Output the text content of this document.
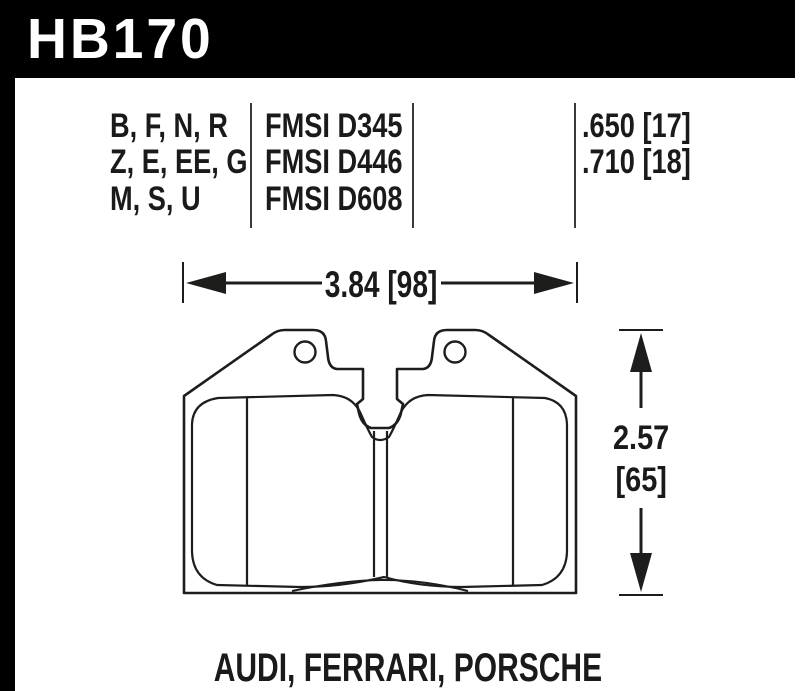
HB170
B, F, N, R	FMSI D345	.650 [17]
Z, E, EE, G FMSI D446	.710 [18]
M, S, U	FMSI D608
3.84 [98]
2.57
[65]
AUDI, FERRARI, PORSCHE
